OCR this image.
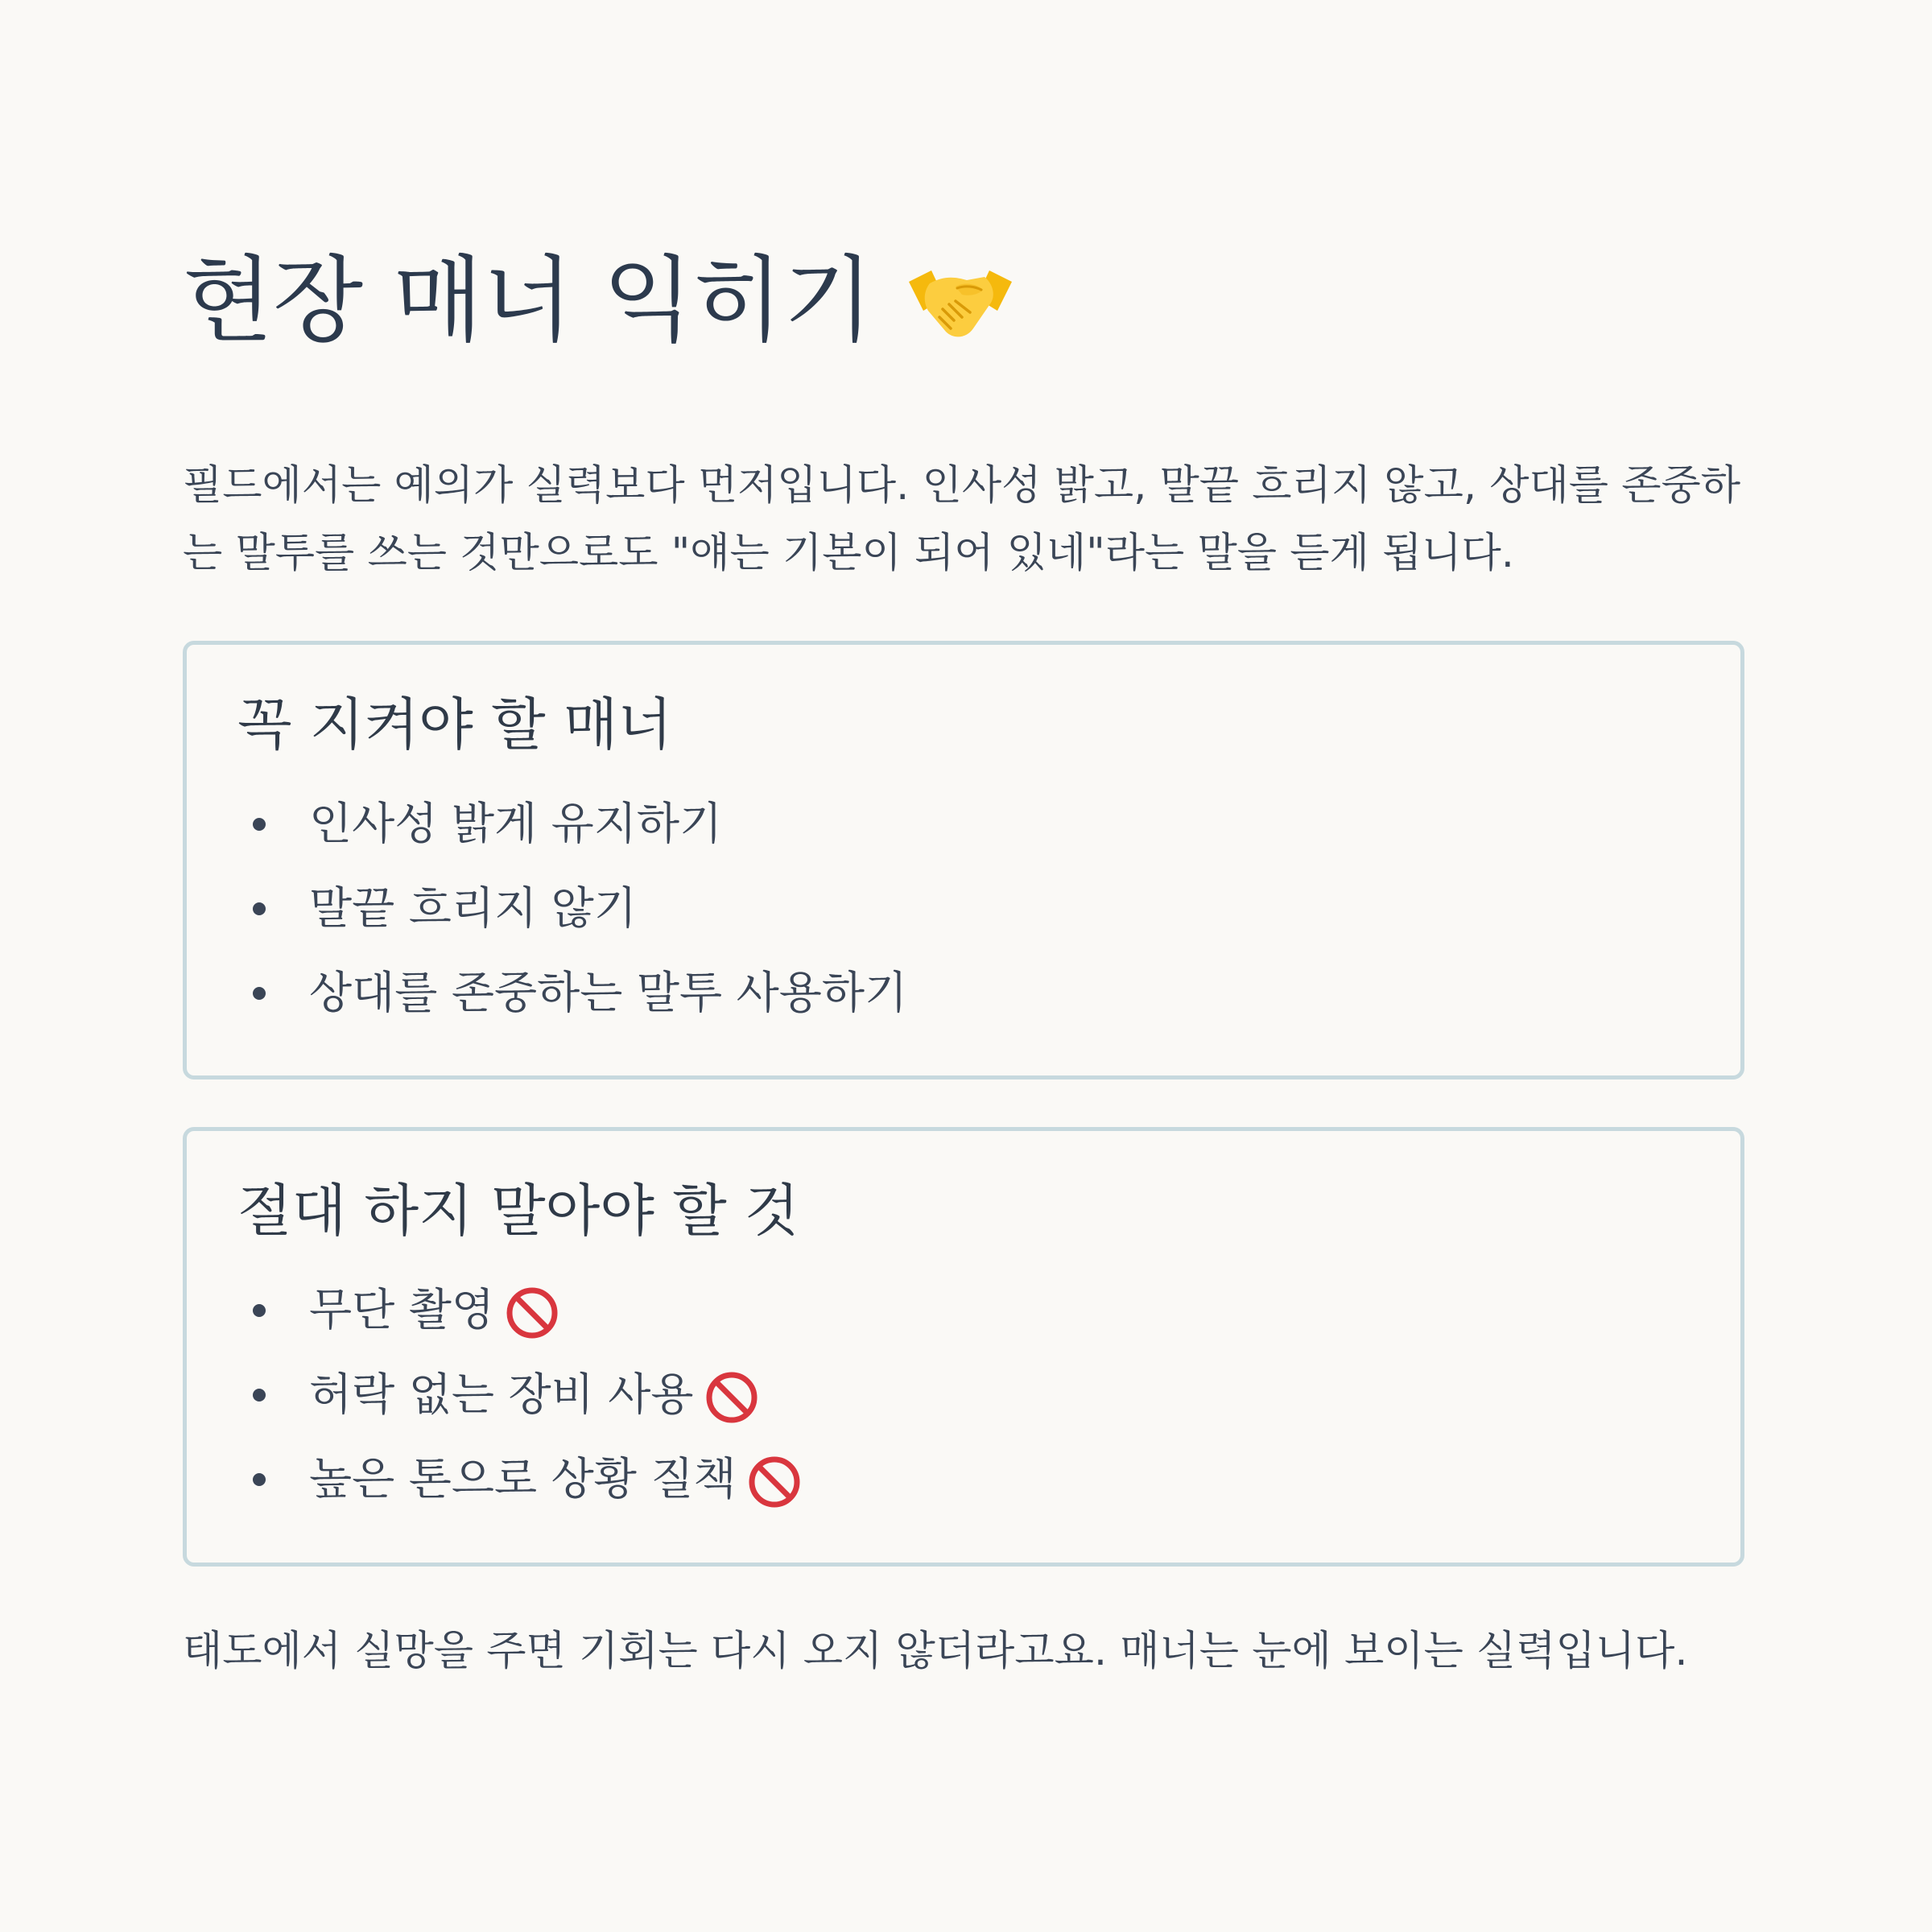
현장 매너 익히기

필드에서는 예의가 실력보다 먼저입니다. 인사성 밝고, 말끝 흐리지 않고, 상대를 존중하는 말투를 쓰는 것만으로도 "얘는 기본이 되어 있네"라는 말을 듣게 됩니다.

꼭 지켜야 할 매너
인사성 밝게 유지하기
말끝 흐리지 않기
상대를 존중하는 말투 사용하기
절대 하지 말아야 할 것
무단 촬영
허락 없는 장비 사용
높은 톤으로 상황 질책

태도에서 실망을 주면 기회는 다시 오지 않더라고요. 매너는 눈에 보이는 실력입니다.
